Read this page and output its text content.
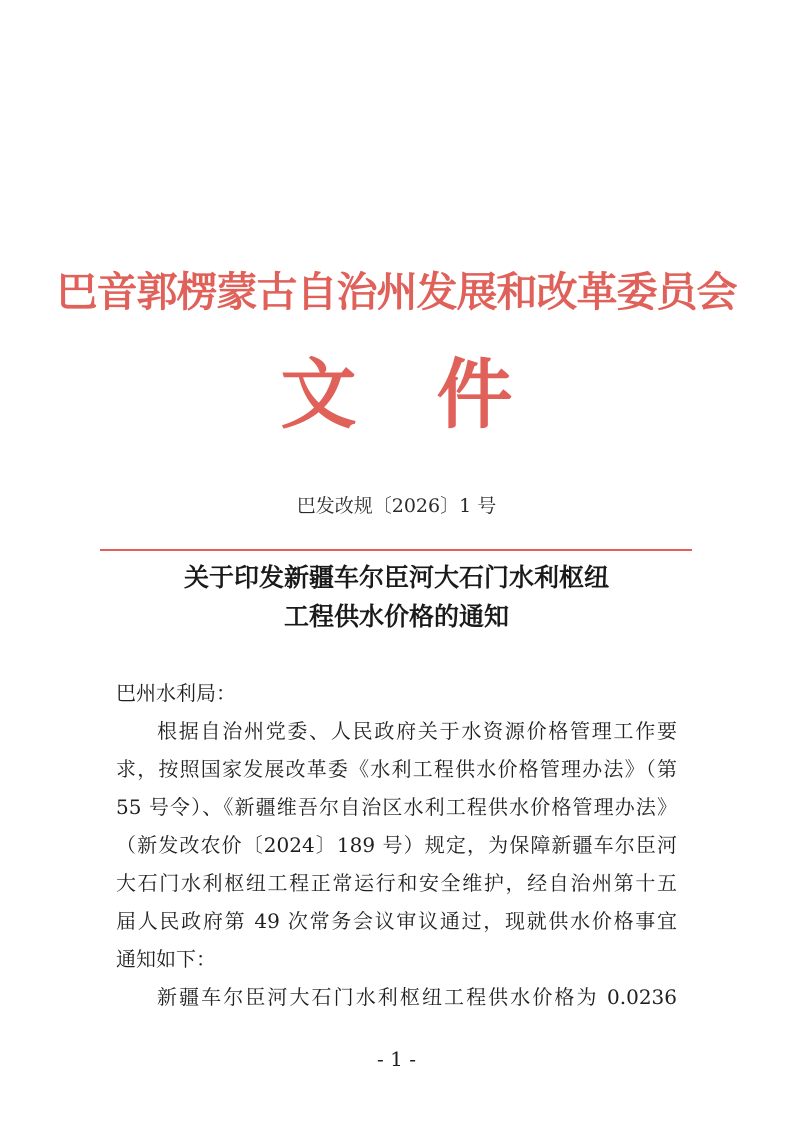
巴音郭楞蒙古自治州发展和改革委员会
文件
巴发改规〔2026〕1 号
关于印发新疆车尔臣河大石门水利枢纽
工程供水价格的通知
巴州水利局：
根据自治州党委、人民政府关于水资源价格管理工作要
求，按照国家发展改革委《水利工程供水价格管理办法》（第
55 号令）、《新疆维吾尔自治区水利工程供水价格管理办法》
（新发改农价〔2024〕189 号）规定，为保障新疆车尔臣河
大石门水利枢纽工程正常运行和安全维护，经自治州第十五
届人民政府第 49 次常务会议审议通过，现就供水价格事宜
通知如下：
新疆车尔臣河大石门水利枢纽工程供水价格为 0.0236
- 1 -
